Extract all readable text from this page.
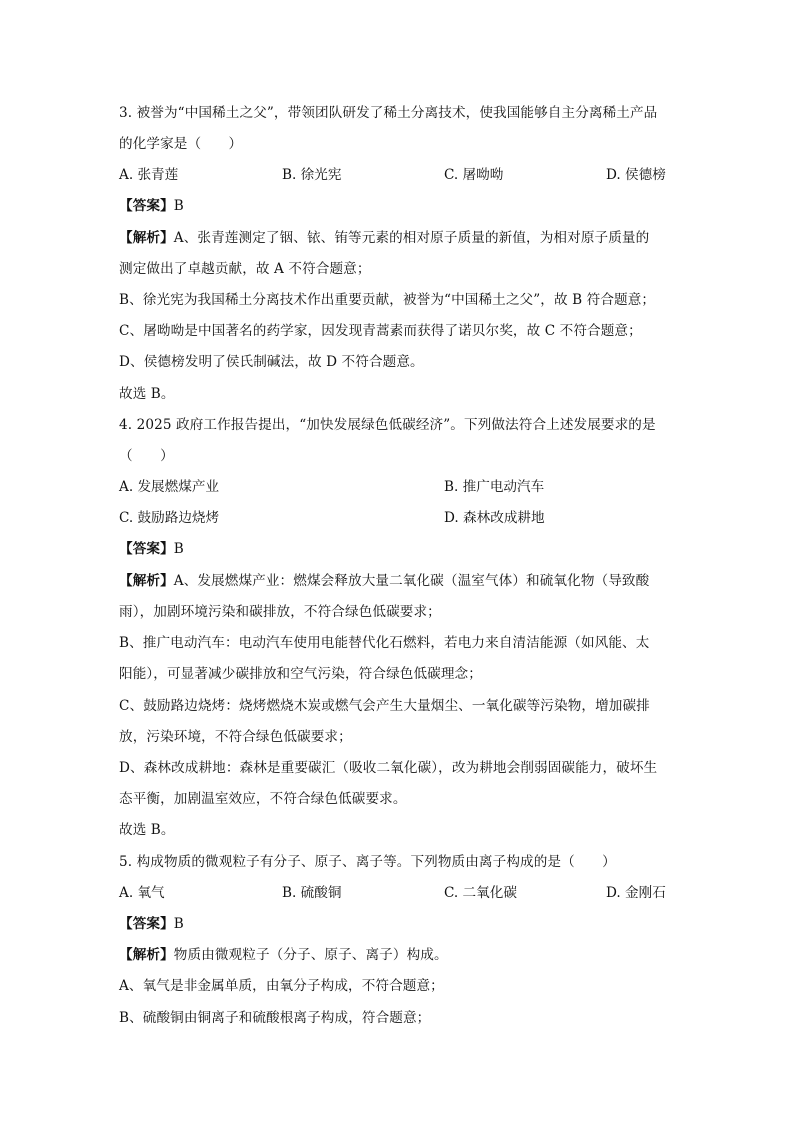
3. 被誉为“中国稀土之父”，带领团队研发了稀土分离技术，使我国能够自主分离稀土产品
的化学家是（　　）
A. 张青莲	B. 徐光宪	C. 屠呦呦	D. 侯德榜
【答案】B
【解析】A、张青莲测定了铟、铱、铕等元素的相对原子质量的新值，为相对原子质量的
测定做出了卓越贡献，故 A 不符合题意；
B、徐光宪为我国稀土分离技术作出重要贡献，被誉为“中国稀土之父”，故 B 符合题意；
C、屠呦呦是中国著名的药学家，因发现青蒿素而获得了诺贝尔奖，故 C 不符合题意；
D、侯德榜发明了侯氏制碱法，故 D 不符合题意。
故选 B。
4. 2025 政府工作报告提出，“加快发展绿色低碳经济”。下列做法符合上述发展要求的是
（　　）
A. 发展燃煤产业	B. 推广电动汽车
C. 鼓励路边烧烤	D. 森林改成耕地
【答案】B
【解析】A、发展燃煤产业：燃煤会释放大量二氧化碳（温室气体）和硫氧化物（导致酸
雨），加剧环境污染和碳排放，不符合绿色低碳要求；
B、推广电动汽车：电动汽车使用电能替代化石燃料，若电力来自清洁能源（如风能、太
阳能），可显著减少碳排放和空气污染，符合绿色低碳理念；
C、鼓励路边烧烤：烧烤燃烧木炭或燃气会产生大量烟尘、一氧化碳等污染物，增加碳排
放，污染环境，不符合绿色低碳要求；
D、森林改成耕地：森林是重要碳汇（吸收二氧化碳），改为耕地会削弱固碳能力，破坏生
态平衡，加剧温室效应，不符合绿色低碳要求。
故选 B。
5. 构成物质的微观粒子有分子、原子、离子等。下列物质由离子构成的是（　　）
A. 氧气	B. 硫酸铜	C. 二氧化碳	D. 金刚石
【答案】B
【解析】物质由微观粒子（分子、原子、离子）构成。
A、氧气是非金属单质，由氧分子构成，不符合题意；
B、硫酸铜由铜离子和硫酸根离子构成，符合题意；
